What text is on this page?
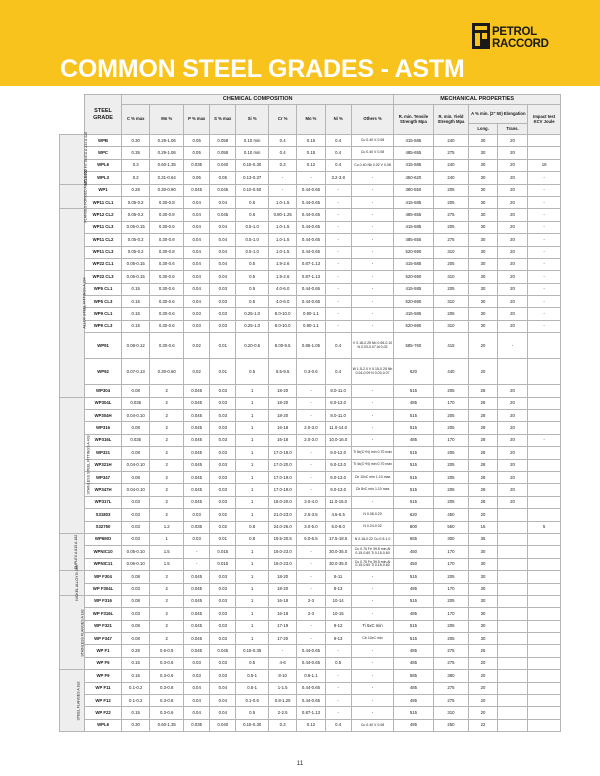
COMMON STEEL GRADES - ASTM
PETROL
RACCORD
	STEEL GRADE	CHEMICAL COMPOSITION									MECHANICAL PROPERTIES				
		C % max	Mn %	P % max	S % max	Si %	Cr %	Mo %	Ni %	Others %	R. min. Tensile Strength Mpa	R. min. Yield Strength Mpa	A % min. (2" 50) Elongation		Impact test KCV Joule
													Long.	Trans.	
WELDING FITTINGS A 234 A 420	WPB	0.30	0.29-1.06	0.05	0.058	0.10 min	0.4	0.15	0.4	Cu 0.40 V 0.08	415-585	240	30	20	
	WPC	0.35	0.29-1.06	0.05	0.058	0.10 min	0.4	0.15	0.4	Cu 0.40 V 0.08	485-655	275	30	20	
	WPL6	0.3	0.60-1.35	0.035	0.040	0.15-0.30	0.3	0.12	0.4	Cu 0.40 Nb 0.02 V 0.08	415-585	240	30	20	18
	WPL3	0.2	0.31-0.64	0.05	0.05	0.13-0.37	-	-	3.2-3.8	-	450-620	240	30	20	-
FLANGES FORGED A 105 A 350	WP1	0.28	0.30-0.90	0.045	0.045	0.10-0.50	-	0.44-0.65	-	-	380-550	205	30	20	-
	WP11 CL1	0.05-0.2	0.30-0.8	0.04	0.04	0.6	1.0-1.5	0.44-0.65	-	-	415-585	205	30	20	-
ALLOY STEEL FITTINGS A 234	WP12 CL2	0.05-0.2	0.30-0.8	0.04	0.045	0.6	0.80-1.25	0.44-0.65	-	-	485-655	275	30	20	-
	WP11 CL3	0.05-0.15	0.30-0.6	0.04	0.04	0.5-1.0	1.0-1.5	0.44-0.65	-	-	415-585	205	30	20	-
	WP11 CL2	0.05-0.2	0.30-0.8	0.04	0.04	0.5-1.0	1.0-1.5	0.44-0.65	-	-	485-655	275	30	20	-
	WP11 CL3	0.05-0.2	0.30-0.8	0.04	0.04	0.5-1.0	1.0-1.5	0.44-0.65	-	-	520-690	310	30	20	-
	WP22 CL1	0.05-0.15	0.30-0.6	0.04	0.04	0.5	1.9-2.6	0.87-1.13	-	-	415-585	205	30	20	-
	WP22 CL3	0.05-0.15	0.30-0.6	0.04	0.04	0.5	1.9-2.6	0.87-1.13	-	-	520-690	310	30	20	-
	WP5 CL1	0.15	0.30-0.6	0.04	0.03	0.5	4.0-6.0	0.44-0.65	-	-	415-585	205	30	20	-
	WP5 CL3	0.15	0.30-0.6	0.04	0.03	0.5	4.0-6.0	0.44-0.65	-	-	520-690	310	30	20	-
	WP9 CL1	0.15	0.30-0.6	0.03	0.03	0.25-1.0	8.0-10.0	0.90-1.1	-	-	415-585	205	30	20	-
	WP9 CL3	0.15	0.30-0.6	0.03	0.03	0.25-1.0	8.0-10.0	0.90-1.1	-	-	520-690	310	30	20	-
	WP91	0.08-0.12	0.30-0.6	0.02	0.01	0.20-0.5	8.00-9.5	0.85-1.05	0.4	V 0.18-0.25 Nb 0.06-0.10 N 0.03-0.07 Al 0.02	585-760	415	20	-	
	WP92	0.07-0.13	0.30-0.60	0.02	0.01	0.5	8.5-9.5	0.3-0.6	0.4	W 1.5-2.0 V 0.15-0.25 Nb 0.04-0.09 N 0.03-0.07	620	440	20		
	WP304	0.08	2	0.045	0.03	1	18-20	-	8.0-11.0	-	515	205	28	20	
STAINLESS STEEL FITTINGS A 403	WP304L	0.035	2	0.045	0.03	1	18-20	-	8.0-13.0	-	485	170	28	20	
	WP304H	0.04-0.10	2	0.045	0.03	1	18-20	-	8.0-11.0	-	515	205	28	20	
	WP316	0.08	2	0.045	0.03	1	16-18	2.0-3.0	11.0-14.0	-	515	205	28	20	
	WP316L	0.035	2	0.045	0.03	1	16-18	2.0-3.0	10.0-16.0	-	485	170	28	20	-
	WP321	0.08	2	0.045	0.03	1	17.0-19.0	-	9.0-12.0	Ti 5x(C+N) min 0.70 max	515	205	28	20	
	WP321H	0.04-0.10	2	0.045	0.03	1	17.0-20.0	-	9.0-13.0	Ti 4x(C+N) min 0.70 max	515	205	28	20	
	WP347	0.08	2	0.045	0.03	1	17.0-19.0	-	9.0-13.0	Cb 10xC min 1.10 max	515	205	28	20	
	WP347H	0.04-0.10	2	0.045	0.03	1	17.0-19.0	-	9.0-13.0	Cb 8xC min 1.10 max	515	205	28	20	
	WP317L	0.03	2	0.045	0.03	1	18.0-20.0	3.0-4.0	11.0-15.0	-	515	205	28	20	
	S31803	0.03	2	0.03	0.02	1	21.0-23.0	2.5-3.5	4.5-6.5	N 0.08-0.20	620	450	20		
	S32750	0.03	1.2	0.035	0.02	0.8	24.0-26.0	3.0-5.0	6.0-8.0	N 0.24-0.32	800	550	15		5
DUPLEX A 815 A 182	WP6MO	0.03	1	0.03	0.01	0.8	19.5-20.5	6.0-6.5	17.5-18.5	N 0.18-0.22 Cu 0.5-1.0	655	300	35		
	WPNIC10	0.05-0.10	1.5	-	0.015	1	19.0-23.0	-	30.0-35.0	Cu 0.75 Fe 39.5 min Al 0.15-0.60 Ti 0.15-0.60	450	170	30		
	WPNIC11	0.06-0.10	1.5	-	0.015	1	19.0-23.0	-	30.0-35.0	Cu 0.75 Fe 39.5 min Al 0.15-0.60 Ti 0.15-0.60	450	170	30		
NICKEL ALLOY B 366	WP F304	0.08	2	0.045	0.03	1	18-20	-	8-11	-	515	205	30		
	WP F304L	0.03	2	0.045	0.03	1	18-20	-	8-13	-	485	170	30		
STAINLESS FLANGES A 182	WP F316	0.08	2	0.045	0.03	1	16-18	2-3	10-14	-	515	205	30		
	WP F316L	0.03	2	0.045	0.03	1	16-18	2-3	10-15	-	485	170	30		
	WP F321	0.08	2	0.045	0.03	1	17-19	-	9-12	Ti 5xC min	515	205	30		
	WP F347	0.08	2	0.045	0.03	1	17-20	-	9-13	Cb 10xC min	515	205	30		
	WP F1	0.28	0.6-0.9	0.045	0.045	0.15-0.35	-	0.44-0.65	-	-	485	275	25		
	WP F5	0.15	0.3-0.6	0.03	0.03	0.5	4-6	0.44-0.65	0.5	-	485	275	20		
STEEL FLANGES A 182	WP F9	0.15	0.3-0.6	0.03	0.03	0.5-1	8-10	0.9-1.1	-	-	585	380	20		
	WP F11	0.1-0.2	0.3-0.8	0.04	0.04	0.5-1	1-1.5	0.44-0.65	-	-	485	275	20		
	WP F12	0.1-0.2	0.3-0.8	0.04	0.04	0.1-0.6	0.8-1.25	0.44-0.65	-	-	485	275	20		
	WP F22	0.15	0.3-0.6	0.04	0.04	0.5	2-2.5	0.87-1.13	-	-	515	310	20		
	WPL6	0.30	0.60-1.35	0.035	0.040	0.15-0.30	0.3	0.12	0.4	Cu 0.40 V 0.08	485	250	22		
11
